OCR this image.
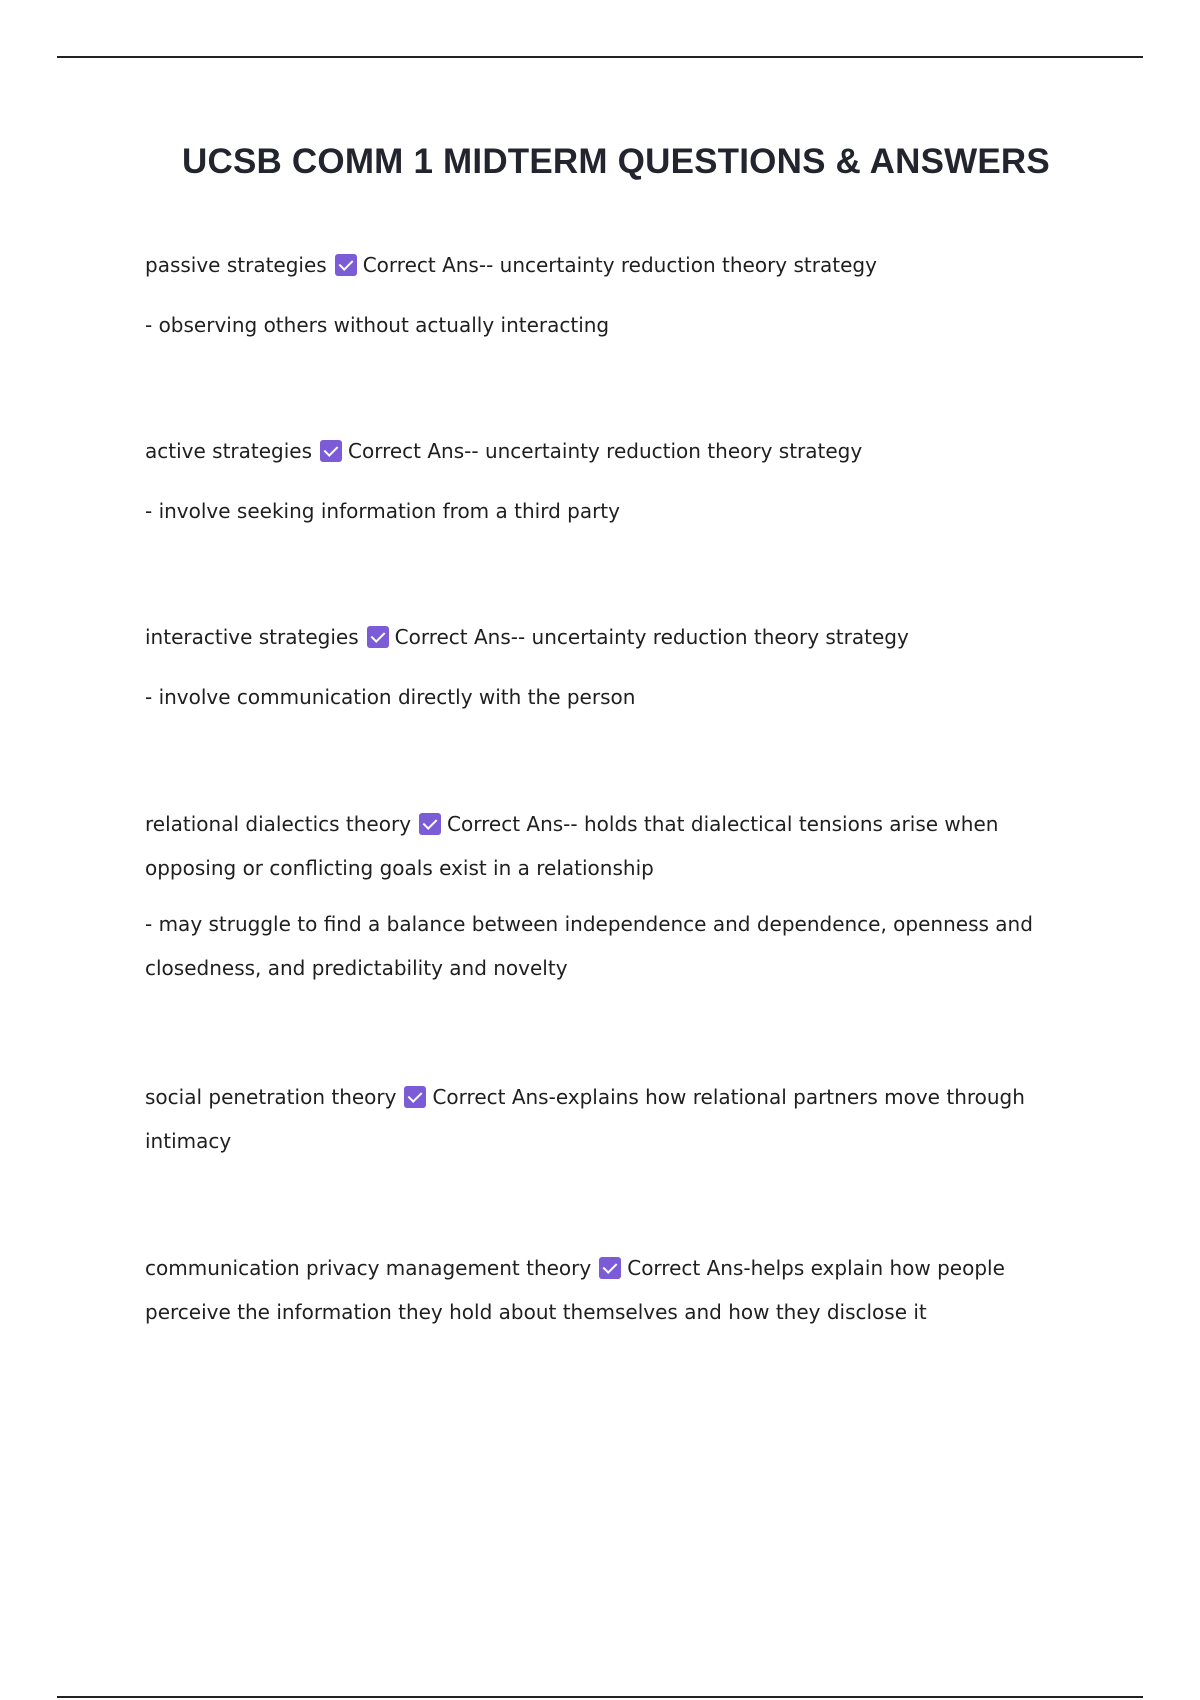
UCSB COMM 1 MIDTERM QUESTIONS & ANSWERS

passive strategies Correct Ans-- uncertainty reduction theory strategy

- observing others without actually interacting

active strategies Correct Ans-- uncertainty reduction theory strategy

- involve seeking information from a third party

interactive strategies Correct Ans-- uncertainty reduction theory strategy

- involve communication directly with the person

relational dialectics theory Correct Ans-- holds that dialectical tensions arise when opposing or conflicting goals exist in a relationship

- may struggle to find a balance between independence and dependence, openness and closedness, and predictability and novelty

social penetration theory Correct Ans-explains how relational partners move through intimacy

communication privacy management theory Correct Ans-helps explain how people perceive the information they hold about themselves and how they disclose it
